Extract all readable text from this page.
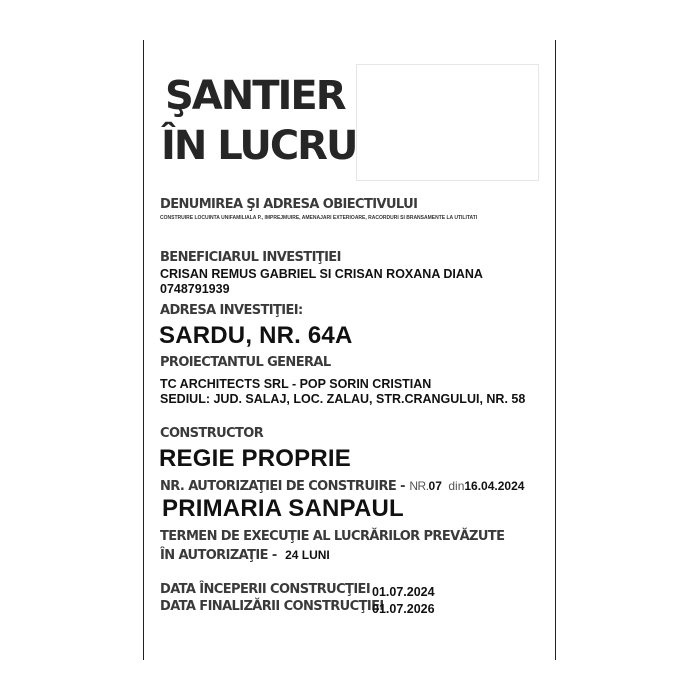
ŞANTIER
ÎN LUCRU
DENUMIREA ŞI ADRESA OBIECTIVULUI
CONSTRUIRE LOCUINTA UNIFAMILIALA P., IMPREJMUIRE, AMENAJARI EXTERIOARE, RACORDURI SI BRANSAMENTE LA UTILITATI
BENEFICIARUL INVESTIŢIEI
CRISAN REMUS GABRIEL SI CRISAN ROXANA DIANA
0748791939
ADRESA INVESTIŢIEI:
SARDU, NR. 64A
PROIECTANTUL GENERAL
TC ARCHITECTS SRL - POP SORIN CRISTIAN
SEDIUL: JUD. SALAJ, LOC. ZALAU, STR.CRANGULUI, NR. 58
CONSTRUCTOR
REGIE PROPRIE
NR. AUTORIZAŢIEI DE CONSTRUIRE - NR.07 din16.04.2024
PRIMARIA SANPAUL
TERMEN DE EXECUŢIE AL LUCRĂRILOR PREVĂZUTE
ÎN AUTORIZAŢIE - 24 LUNI
DATA ÎNCEPERII CONSTRUCŢIEI 01.07.2024
DATA FINALIZĂRII CONSTRUCŢIEI
01.07.2026
